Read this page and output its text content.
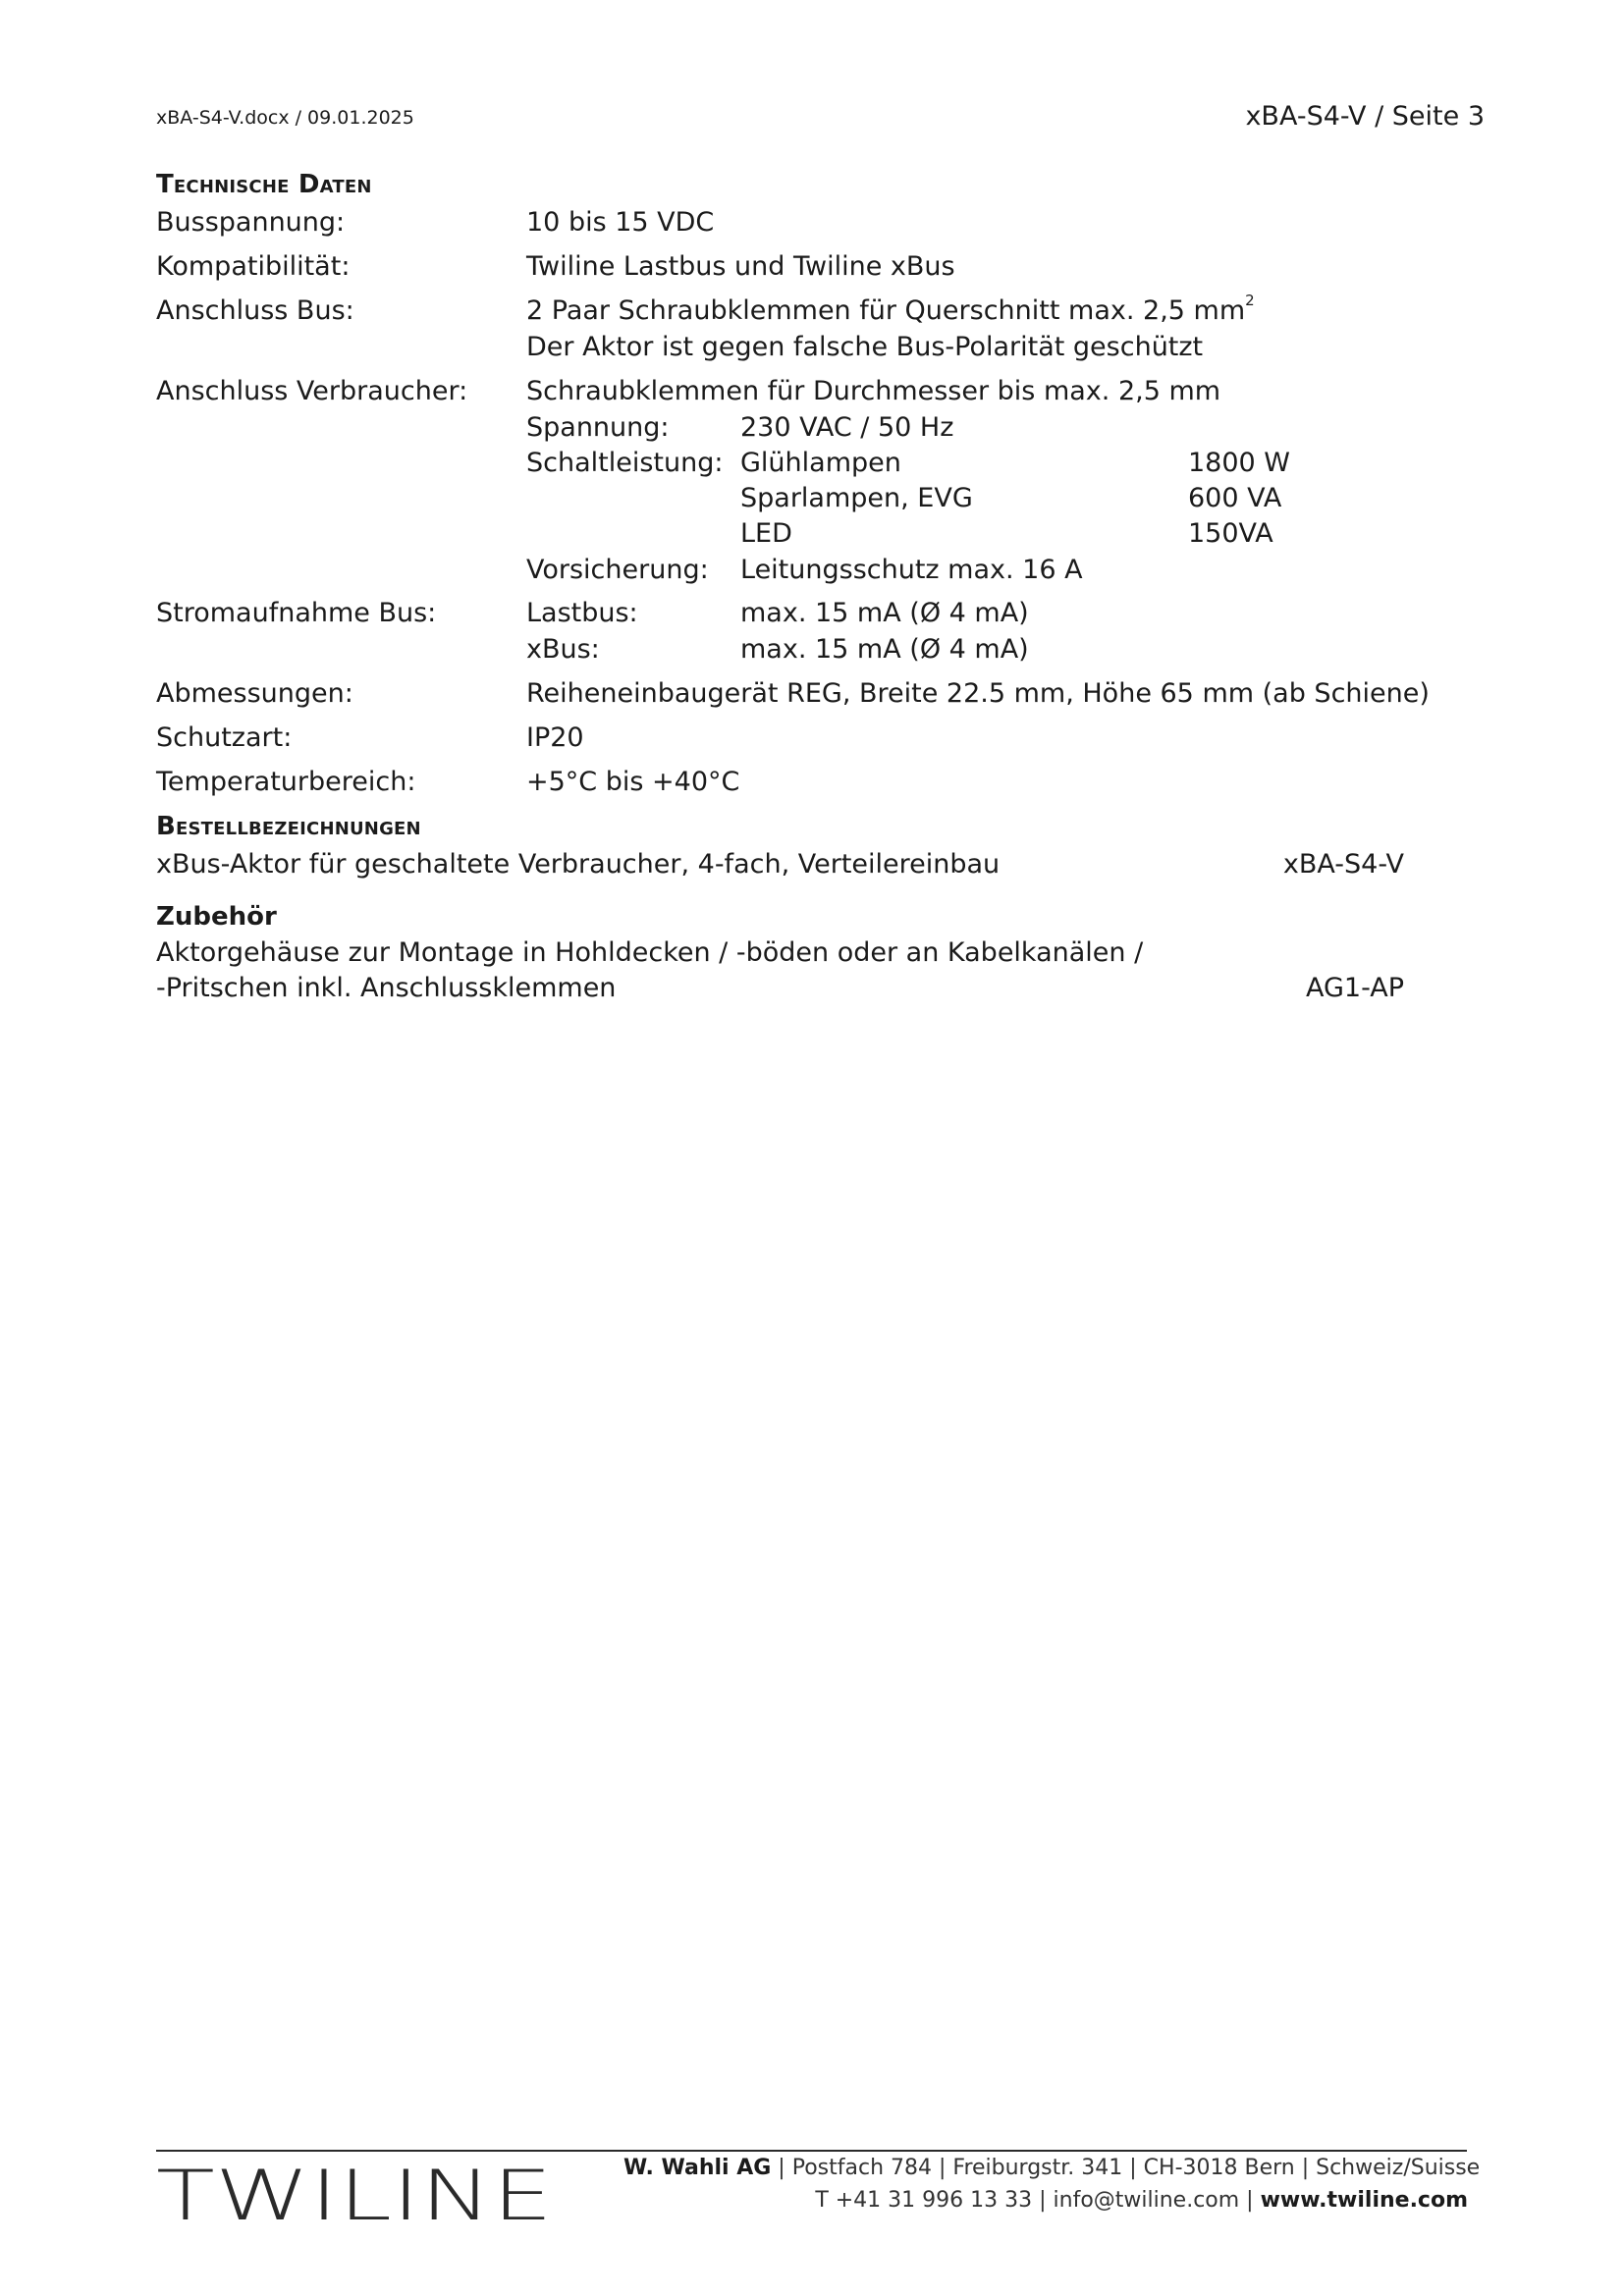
xBA-S4-V.docx / 09.01.2025	xBA-S4-V / Seite 3
Technische Daten
Busspannung:	10 bis 15 VDC
Kompatibilität:	Twiline Lastbus und Twiline xBus
Anschluss Bus:	2 Paar Schraubklemmen für Querschnitt max. 2,5 $mm^2$
Der Aktor ist gegen falsche Bus-Polarität geschützt
Anschluss Verbraucher: Schraubklemmen für Durchmesser bis max. 2,5 mm
Spannung:	230 VAC / 50 Hz
Schaltleistung: Glühlampen	1800 W
Sparlampen, EVG	600 VA
LED	150VA
Vorsicherung: Leitungsschutz max. 16 A
Stromaufnahme Bus:	Lastbus:	max. 15 mA (Ø 4 mA)
xBus:	max. 15 mA (Ø 4 mA)
Abmessungen:	Reiheneinbaugerät REG, Breite 22.5 mm, Höhe 65 mm (ab Schiene)
Schutzart:	IP20
Temperaturbereich:	+5°C bis +40°C
Bestellbezeichnungen
xBus-Aktor für geschaltete Verbraucher, 4-fach, Verteilereinbau	xBA-S4-V
Zubehör
Aktorgehäuse zur Montage in Hohldecken / -böden oder an Kabelkanälen /
-Pritschen inkl. Anschlussklemmen	AG1-AP
TWILINE	W. Wahli AG | Postfach 784 | Freiburgstr. 341 | CH-3018 Bern | Schweiz/Suisse
T +41 31 996 13 33 | info@twiline.com | www.twiline.com
